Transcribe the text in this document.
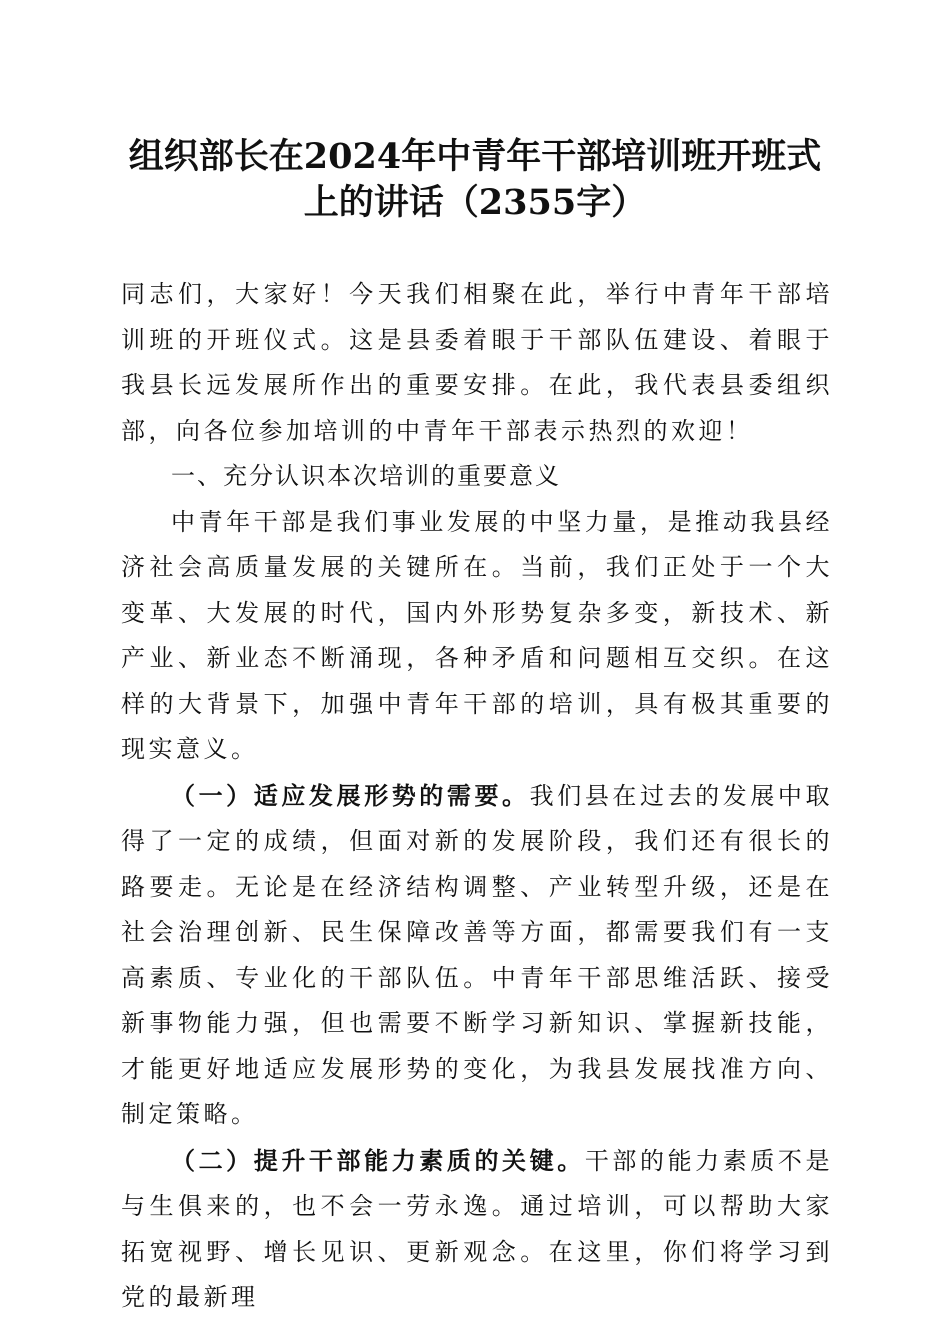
组织部长在2024年中青年干部培训班开班式
上的讲话（2355字）

同志们，大家好！今天我们相聚在此，举行中青年干部培训班的开班仪式。这是县委着眼于干部队伍建设、着眼于我县长远发展所作出的重要安排。在此，我代表县委组织部，向各位参加培训的中青年干部表示热烈的欢迎！

一、充分认识本次培训的重要意义

中青年干部是我们事业发展的中坚力量，是推动我县经济社会高质量发展的关键所在。当前，我们正处于一个大变革、大发展的时代，国内外形势复杂多变，新技术、新产业、新业态不断涌现，各种矛盾和问题相互交织。在这样的大背景下，加强中青年干部的培训，具有极其重要的现实意义。

（一）适应发展形势的需要。我们县在过去的发展中取得了一定的成绩，但面对新的发展阶段，我们还有很长的路要走。无论是在经济结构调整、产业转型升级，还是在社会治理创新、民生保障改善等方面，都需要我们有一支高素质、专业化的干部队伍。中青年干部思维活跃、接受新事物能力强，但也需要不断学习新知识、掌握新技能，才能更好地适应发展形势的变化，为我县发展找准方向、制定策略。

（二）提升干部能力素质的关键。干部的能力素质不是与生俱来的，也不会一劳永逸。通过培训，可以帮助大家拓宽视野、增长见识、更新观念。在这里，你们将学习到党的最新理
